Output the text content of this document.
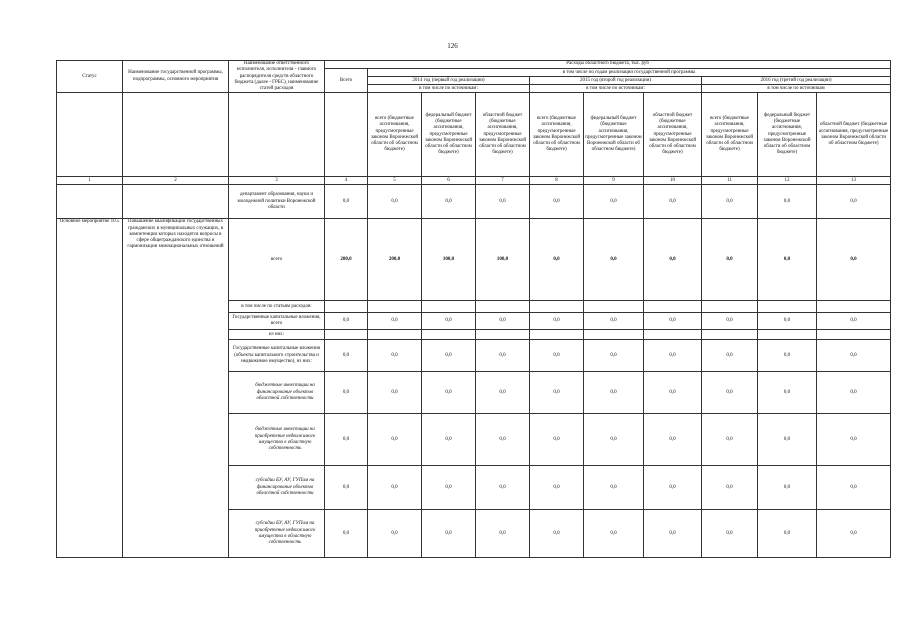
126
Статус	Наименование государственной программы, подпрограммы, основного мероприятия	Наименование ответственного исполнителя, исполнителя - главного распорядителя средств областного бюджета (далее - ГРБС), наименование статей расходов	Расходы областного бюджета, тыс. руб									
			Всего	в том числе по годам реализации государственной программы								
				2014 год (первый год реализации)			2015 год (второй год реализации)			2016 год (третий год реализации)		
				в том числе по источникам:			в том числе по источникам:			в том числе по источникам		
				всего (бюджетные ассигнования, предусмотренные законом Воронежской области об областном бюджете)	федеральный бюджет (бюджетные ассигнования, предусмотренные законом Воронежской области об областном бюджете)	областной бюджет (бюджетные ассигнования, предусмотренные законом Воронежской области об областном бюджете)	всего (бюджетные ассигнования, предусмотренные законом Воронежской области об областном бюджете)	федеральный бюджет (бюджетные ассигнования, предусмотренные законом Воронежской области об областном бюджете)	областной бюджет (бюджетные ассигнования, предусмотренные законом Воронежской области об областном бюджете)	всего (бюджетные ассигнования, предусмотренные законом Воронежской области об областном бюджете)	федеральный бюджет (бюджетные ассигнования, предусмотренные законом Воронежской области об областном бюджете)	областной бюджет (бюджетные ассигнования, предусмотренные законом Воронежской области об областном бюджете)
1	2	3	4	5	6	7	8	9	10	11	12	13
		департамент образования, науки и молодежной политики Воронежской области	0,0	0,0	0,0	0,0	0,0	0,0	0,0	0,0	0,0	0,0
Основное мероприятие 10.5	Повышение квалификации государственных гражданских и муниципальных служащих, в компетенции которых находятся вопросы в сфере общегражданского единства и гармонизации межнациональных отношений	всего	200,0	200,0	100,0	100,0	0,0	0,0	0,0	0,0	0,0	0,0
		в том числе по статьям расходов:										
		Государственные капитальные вложения, всего	0,0	0,0	0,0	0,0	0,0	0,0	0,0	0,0	0,0	0,0
		из них:										
		Государственные капитальные вложения (объекты капитального строительства и недвижимое имущество), из них:	0,0	0,0	0,0	0,0	0,0	0,0	0,0	0,0	0,0	0,0
		бюджетные инвестиции на финансирование объектов областной собственности	0,0	0,0	0,0	0,0	0,0	0,0	0,0	0,0	0,0	0,0
		бюджетные инвестиции на приобретение недвижимого имущества в областную собственность	0,0	0,0	0,0	0,0	0,0	0,0	0,0	0,0	0,0	0,0
		субсидии БУ, АУ, ГУПам на финансирование объектов областной собственности	0,0	0,0	0,0	0,0	0,0	0,0	0,0	0,0	0,0	0,0
		субсидии БУ, АУ, ГУПам на приобретение недвижимого имущества в областную собственность	0,0	0,0	0,0	0,0	0,0	0,0	0,0	0,0	0,0	0,0
